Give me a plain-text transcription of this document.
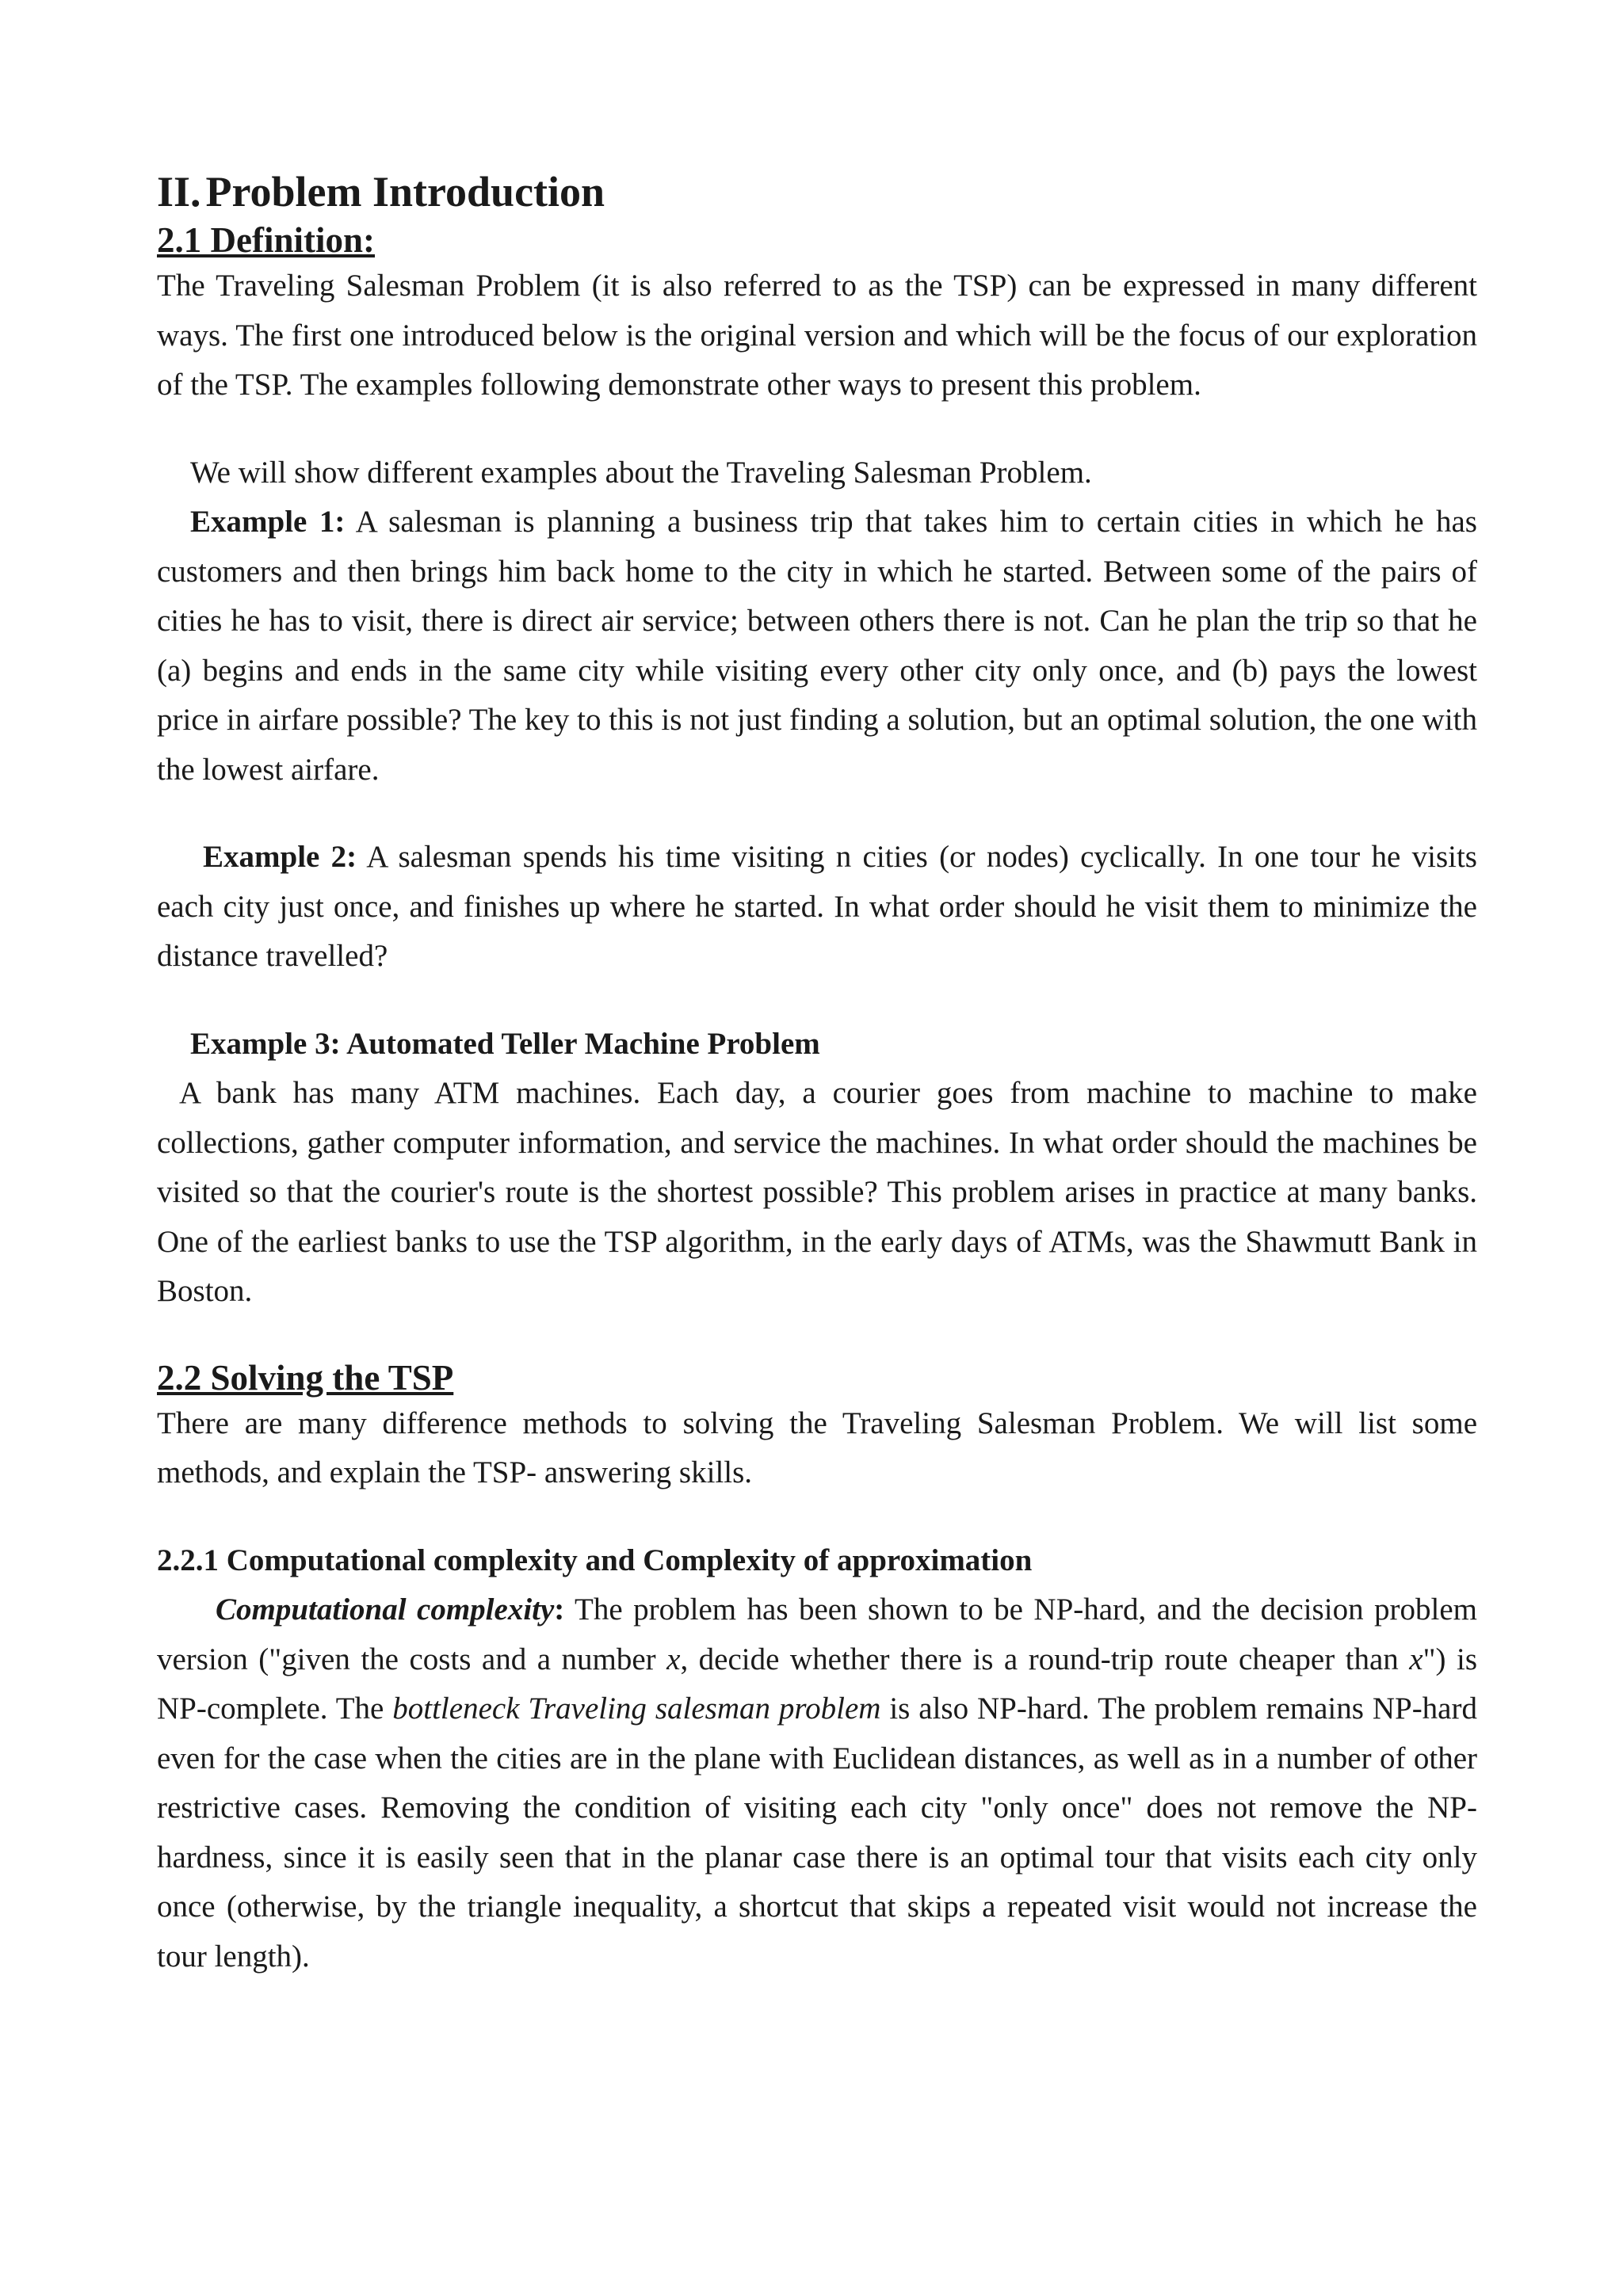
II. Problem Introduction
2.1 Definition:

The Traveling Salesman Problem (it is also referred to as the TSP) can be expressed in many different ways. The first one introduced below is the original version and which will be the focus of our exploration of the TSP. The examples following demonstrate other ways to present this problem.

We will show different examples about the Traveling Salesman Problem.

Example 1: A salesman is planning a business trip that takes him to certain cities in which he has customers and then brings him back home to the city in which he started. Between some of the pairs of cities he has to visit, there is direct air service; between others there is not. Can he plan the trip so that he (a) begins and ends in the same city while visiting every other city only once, and (b) pays the lowest price in airfare possible? The key to this is not just finding a solution, but an optimal solution, the one with the lowest airfare.

Example 2: A salesman spends his time visiting n cities (or nodes) cyclically. In one tour he visits each city just once, and finishes up where he started. In what order should he visit them to minimize the distance travelled?

Example 3: Automated Teller Machine Problem

A bank has many ATM machines. Each day, a courier goes from machine to machine to make collections, gather computer information, and service the machines. In what order should the machines be visited so that the courier's route is the shortest possible? This problem arises in practice at many banks. One of the earliest banks to use the TSP algorithm, in the early days of ATMs, was the Shawmutt Bank in Boston.

2.2 Solving the TSP

There are many difference methods to solving the Traveling Salesman Problem. We will list some methods, and explain the TSP- answering skills.

2.2.1 Computational complexity and Complexity of approximation

Computational complexity: The problem has been shown to be NP-hard, and the decision problem version ("given the costs and a number x, decide whether there is a round-trip route cheaper than x") is NP-complete. The bottleneck Traveling salesman problem is also NP-hard. The problem remains NP-hard even for the case when the cities are in the plane with Euclidean distances, as well as in a number of other restrictive cases. Removing the condition of visiting each city "only once" does not remove the NP-hardness, since it is easily seen that in the planar case there is an optimal tour that visits each city only once (otherwise, by the triangle inequality, a shortcut that skips a repeated visit would not increase the tour length).
